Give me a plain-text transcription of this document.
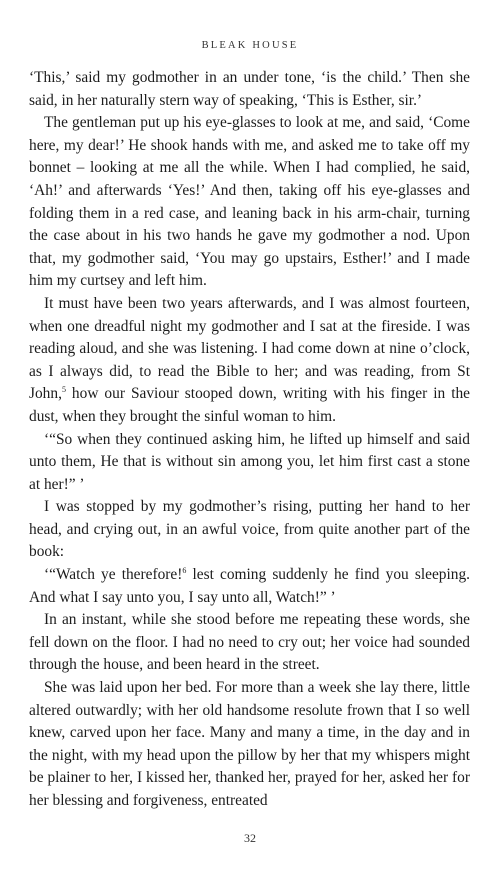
BLEAK HOUSE

‘This,’ said my godmother in an under tone, ‘is the child.’ Then she said, in her naturally stern way of speaking, ‘This is Esther, sir.’

The gentleman put up his eye-glasses to look at me, and said, ‘Come here, my dear!’ He shook hands with me, and asked me to take off my bonnet – looking at me all the while. When I had complied, he said, ‘Ah!’ and afterwards ‘Yes!’ And then, taking off his eye-glasses and folding them in a red case, and leaning back in his arm-chair, turning the case about in his two hands he gave my godmother a nod. Upon that, my godmother said, ‘You may go upstairs, Esther!’ and I made him my curtsey and left him.

It must have been two years afterwards, and I was almost fourteen, when one dreadful night my godmother and I sat at the fireside. I was reading aloud, and she was listening. I had come down at nine o’clock, as I always did, to read the Bible to her; and was reading, from St John,$^5$ how our Saviour stooped down, writing with his finger in the dust, when they brought the sinful woman to him.

‘“So when they continued asking him, he lifted up himself and said unto them, He that is without sin among you, let him first cast a stone at her!” ’

I was stopped by my godmother’s rising, putting her hand to her head, and crying out, in an awful voice, from quite another part of the book:

‘“Watch ye therefore!$^6$ lest coming suddenly he find you sleeping. And what I say unto you, I say unto all, Watch!” ’

In an instant, while she stood before me repeating these words, she fell down on the floor. I had no need to cry out; her voice had sounded through the house, and been heard in the street.

She was laid upon her bed. For more than a week she lay there, little altered outwardly; with her old handsome resolute frown that I so well knew, carved upon her face. Many and many a time, in the day and in the night, with my head upon the pillow by her that my whispers might be plainer to her, I kissed her, thanked her, prayed for her, asked her for her blessing and forgiveness, entreated

32
